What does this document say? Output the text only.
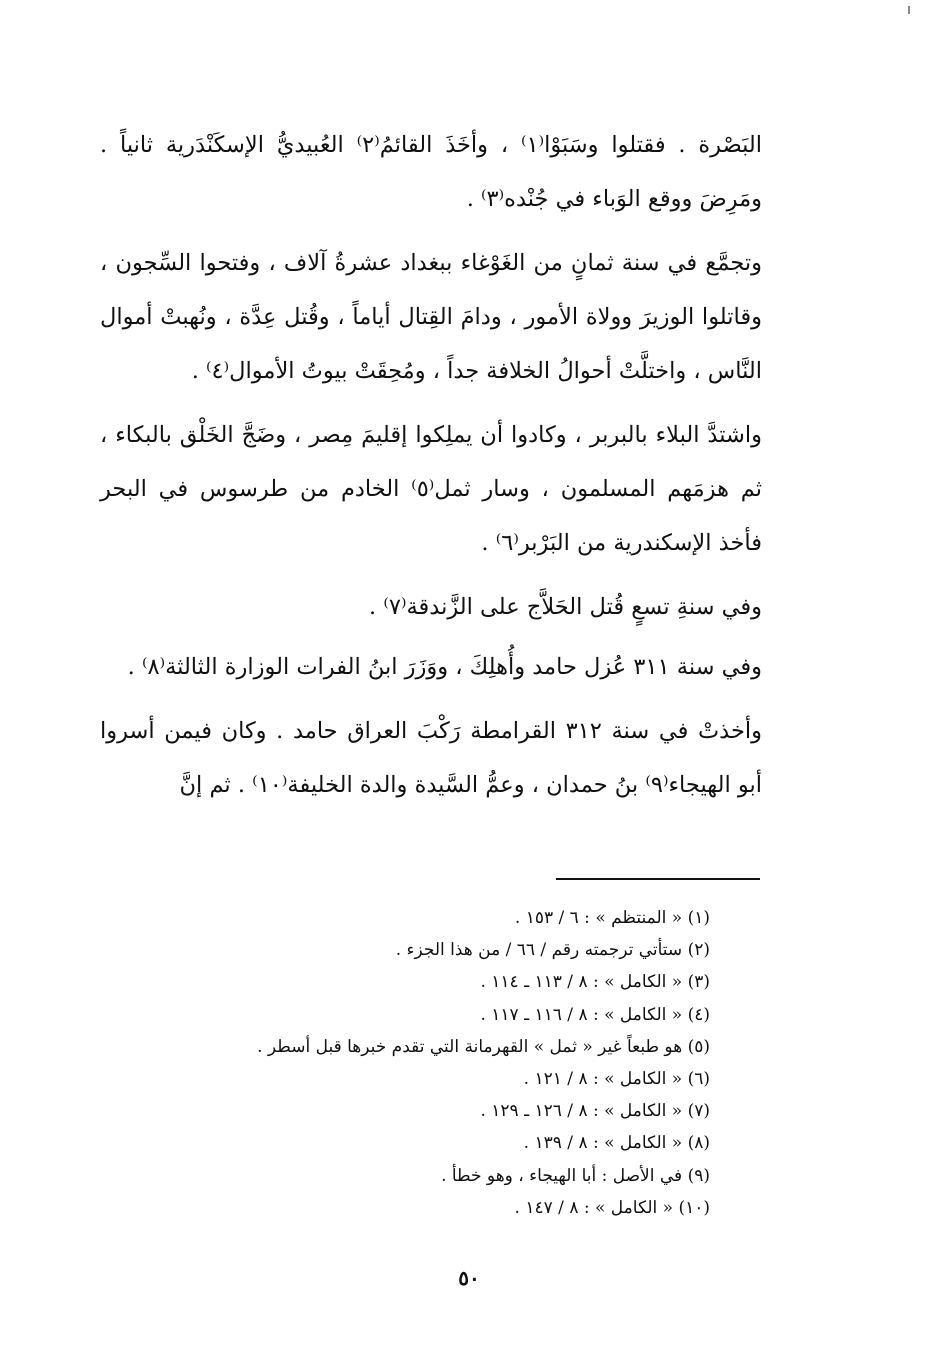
البَصْرة . فقتلوا وسَبَوْا⁽١⁾ ، وأخَذَ القائمُ⁽٢⁾ العُبيديُّ الإسكَنْدَرية ثانياً . ومَرِضَ ووقع الوَباء في جُنْده⁽٣⁾ .

وتجمَّع في سنة ثمانٍ من الغَوْغاء ببغداد عشرةُ آلاف ، وفتحوا السِّجون ، وقاتلوا الوزيرَ وولاة الأمور ، ودامَ القِتال أياماً ، وقُتل عِدَّة ، ونُهبتْ أموال النَّاس ، واختلَّتْ أحوالُ الخلافة جداً ، ومُحِقَتْ بيوتُ الأموال⁽٤⁾ .

واشتدَّ البلاء بالبربر ، وكادوا أن يملِكوا إقليمَ مِصر ، وضَجَّ الخَلْق بالبكاء ، ثم هزمَهم المسلمون ، وسار ثمل⁽٥⁾ الخادم من طرسوس في البحر فأخذ الإسكندرية من البَرْبر⁽٦⁾ .

وفي سنةِ تسعٍ قُتل الحَلاَّج على الزَّندقة⁽٧⁾ .

وفي سنة ٣١١ عُزل حامد وأُهلِكَ ، ووَزَرَ ابنُ الفرات الوزارة الثالثة⁽٨⁾ .

وأخذتْ في سنة ٣١٢ القرامطة رَكْبَ العراق حامد . وكان فيمن أسروا أبو الهيجاء⁽٩⁾ بنُ حمدان ، وعمُّ السَّيدة والدة الخليفة⁽١٠⁾ . ثم إنَّ

(١) « المنتظم » : ٦ / ١٥٣ .
(٢) ستأتي ترجمته رقم / ٦٦ / من هذا الجزء .
(٣) « الكامل » : ٨ / ١١٣ ـ ١١٤ .
(٤) « الكامل » : ٨ / ١١٦ ـ ١١٧ .
(٥) هو طبعاً غير « ثمل » القهرمانة التي تقدم خبرها قبل أسطر .
(٦) « الكامل » : ٨ / ١٢١ .
(٧) « الكامل » : ٨ / ١٢٦ ـ ١٢٩ .
(٨) « الكامل » : ٨ / ١٣٩ .
(٩) في الأصل : أبا الهيجاء ، وهو خطأ .
(١٠) « الكامل » : ٨ / ١٤٧ .
٥٠
